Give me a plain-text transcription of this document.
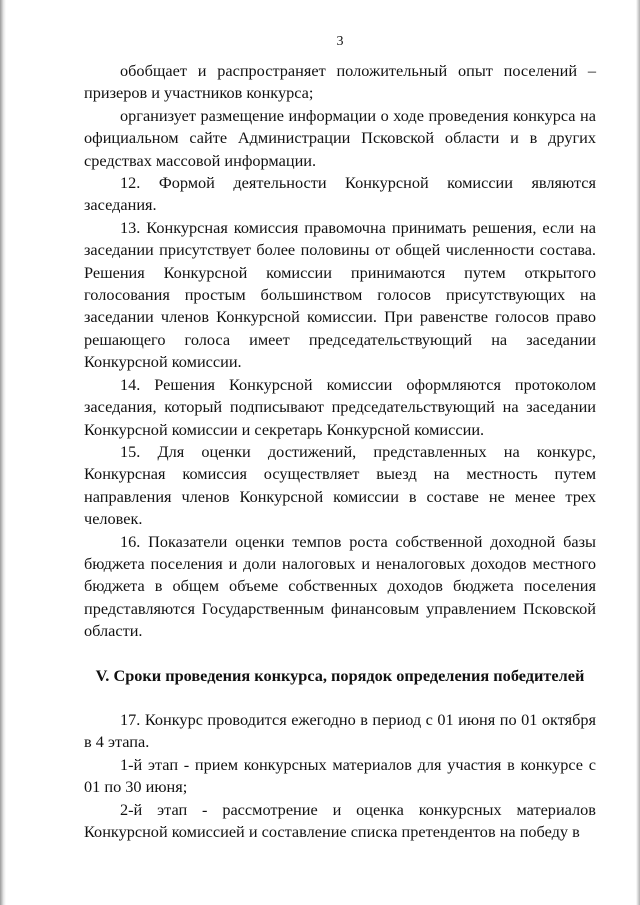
3

обобщает и распространяет положительный опыт поселений – призеров и участников конкурса;

организует размещение информации о ходе проведения конкурса на официальном сайте Администрации Псковской области и в других средствах массовой информации.

12. Формой деятельности Конкурсной комиссии являются заседания.

13. Конкурсная комиссия правомочна принимать решения, если на заседании присутствует более половины от общей численности состава. Решения Конкурсной комиссии принимаются путем открытого голосования простым большинством голосов присутствующих на заседании членов Конкурсной комиссии. При равенстве голосов право решающего голоса имеет председательствующий на заседании Конкурсной комиссии.

14. Решения Конкурсной комиссии оформляются протоколом заседания, который подписывают председательствующий на заседании Конкурсной комиссии и секретарь Конкурсной комиссии.

15. Для оценки достижений, представленных на конкурс, Конкурсная комиссия осуществляет выезд на местность путем направления членов Конкурсной комиссии в составе не менее трех человек.

16. Показатели оценки темпов роста собственной доходной базы бюджета поселения и доли налоговых и неналоговых доходов местного бюджета в общем объеме собственных доходов бюджета поселения представляются Государственным финансовым управлением Псковской области.

V. Сроки проведения конкурса, порядок определения победителей

17. Конкурс проводится ежегодно в период с 01 июня по 01 октября в 4 этапа.

1-й этап - прием конкурсных материалов для участия в конкурсе с 01 по 30 июня;

2-й этап - рассмотрение и оценка конкурсных материалов Конкурсной комиссией и составление списка претендентов на победу в
